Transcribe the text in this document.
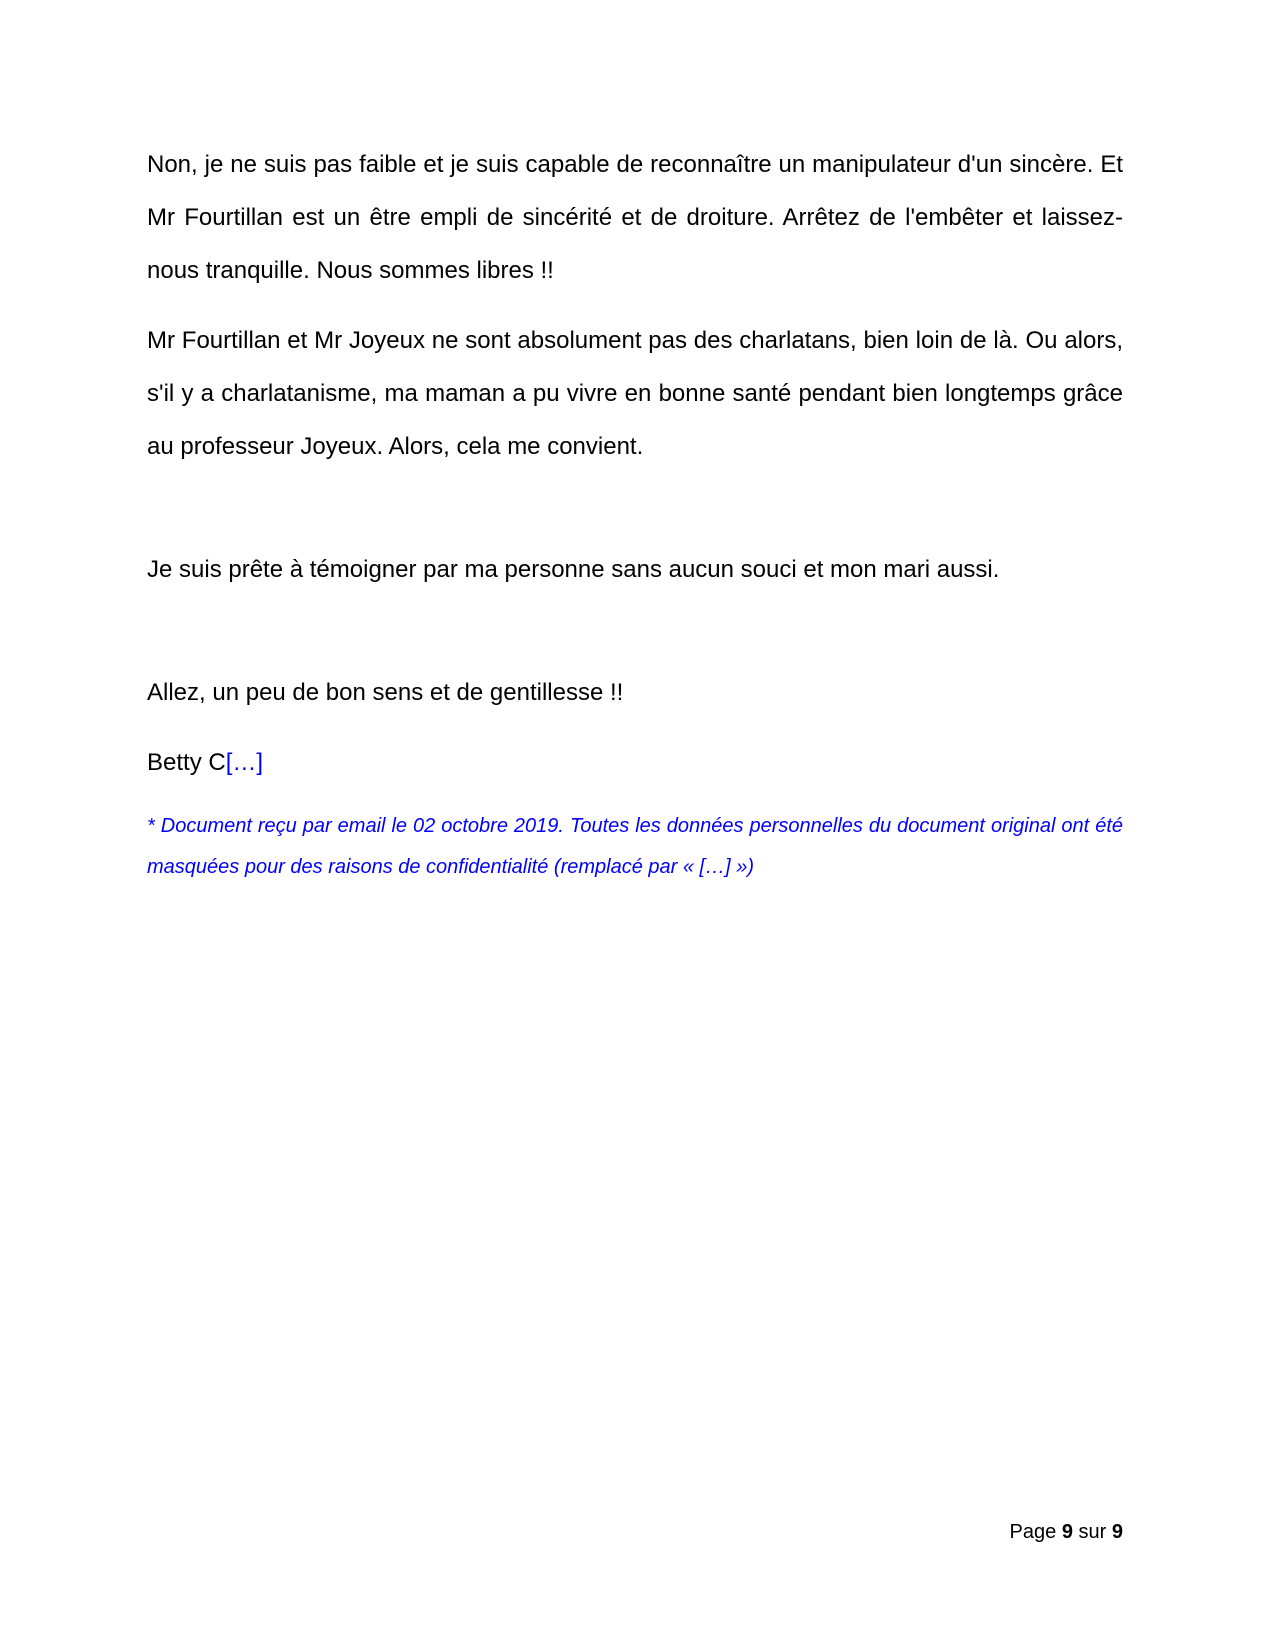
Non, je ne suis pas faible et je suis capable de reconnaître un manipulateur d'un sincère. Et Mr Fourtillan est un être empli de sincérité et de droiture. Arrêtez de l'embêter et laissez-nous tranquille. Nous sommes libres !!

Mr Fourtillan et Mr Joyeux ne sont absolument pas des charlatans, bien loin de là. Ou alors, s'il y a charlatanisme, ma maman a pu vivre en bonne santé pendant bien longtemps grâce au professeur Joyeux. Alors, cela me convient.

Je suis prête à témoigner par ma personne sans aucun souci et mon mari aussi.

Allez, un peu de bon sens et de gentillesse !!

Betty C[…]

* Document reçu par email le 02 octobre 2019. Toutes les données personnelles du document original ont été masquées pour des raisons de confidentialité (remplacé par « […] »)

Page 9 sur 9
